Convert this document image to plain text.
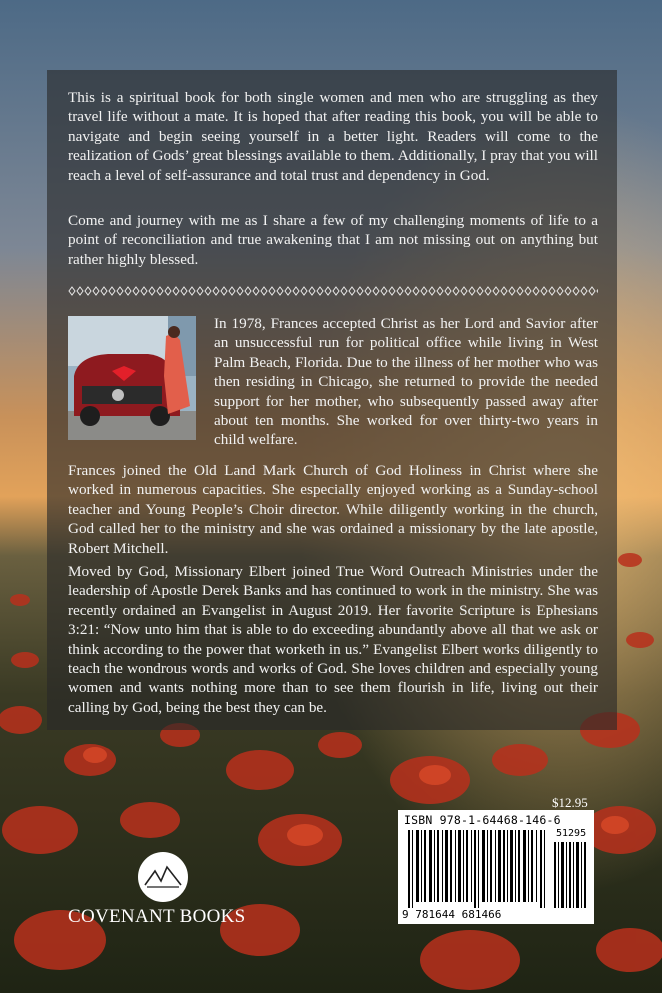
This is a spiritual book for both single women and men who are struggling as they travel life without a mate. It is hoped that after reading this book, you will be able to navigate and begin seeing yourself in a better light. Readers will come to the realization of Gods’ great blessings available to them. Additionally, I pray that you will reach a level of self-assurance and total trust and dependency in God.

Come and journey with me as I share a few of my challenging moments of life to a point of reconciliation and true awakening that I am not missing out on anything but rather highly blessed.

In 1978, Frances accepted Christ as her Lord and Savior after an unsuccessful run for political office while living in West Palm Beach, Florida. Due to the illness of her mother who was then residing in Chicago, she returned to provide the needed support for her mother, who subsequently passed away after about ten months. She worked for over thirty-two years in child welfare.

Frances joined the Old Land Mark Church of God Holiness in Christ where she worked in numerous capacities. She especially enjoyed working as a Sunday-school teacher and Young People’s Choir director. While diligently working in the church, God called her to the ministry and she was ordained a missionary by the late apostle, Robert Mitchell.

Moved by God, Missionary Elbert joined True Word Outreach Ministries under the leadership of Apostle Derek Banks and has continued to work in the ministry. She was recently ordained an Evangelist in August 2019. Her favorite Scripture is Ephesians 3:21: “Now unto him that is able to do exceeding abundantly above all that we ask or think according to the power that worketh in us.” Evangelist Elbert works diligently to teach the wondrous words and works of God. She loves children and especially young women and wants nothing more than to see them flourish in life, living out their calling by God, being the best they can be.

$12.95

ISBN 978-1-64468-146-6

51295

9 781644 681466

COVENANT BOOKS
